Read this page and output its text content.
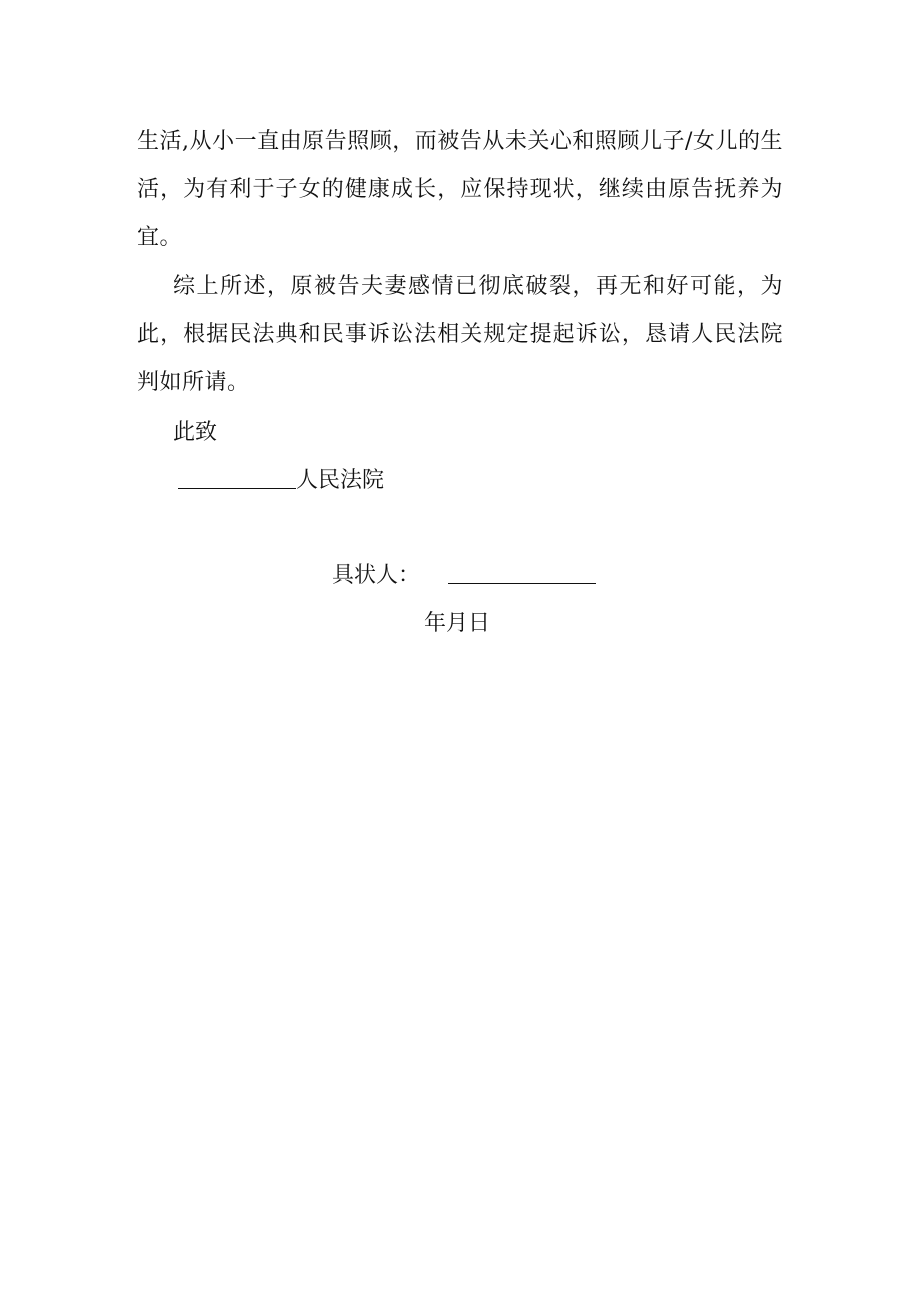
生活,从小一直由原告照顾，而被告从未关心和照顾儿子/女儿的生活，为有利于子女的健康成长，应保持现状，继续由原告抚养为宜。

综上所述，原被告夫妻感情已彻底破裂，再无和好可能，为此，根据民法典和民事诉讼法相关规定提起诉讼，恳请人民法院判如所请。

此致
人民法院
具状人：
年月日
